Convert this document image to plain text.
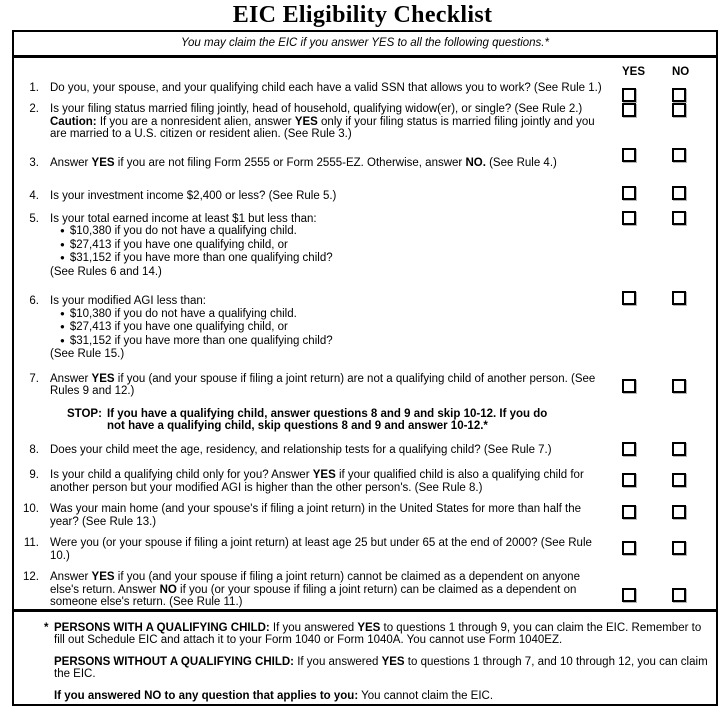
EIC Eligibility Checklist
You may claim the EIC if you answer YES to all the following questions.*
YES	NO
1. Do you, your spouse, and your qualifying child each have a valid SSN that allows you to work? (See Rule 1.)

2. Is your filing status married filing jointly, head of household, qualifying widow(er), or single? (See Rule 2.) Caution: If you are a nonresident alien, answer YES only if your filing status is married filing jointly and you are married to a U.S. citizen or resident alien. (See Rule 3.)

3. Answer YES if you are not filing Form 2555 or Form 2555-EZ. Otherwise, answer NO. (See Rule 4.)

4. Is your investment income $2,400 or less? (See Rule 5.)

5. Is your total earned income at least $1 but less than:

● $10,380 if you do not have a qualifying child.
● $27,413 if you have one qualifying child, or
● $31,152 if you have more than one qualifying child?

(See Rules 6 and 14.)

6. Is your modified AGI less than:

● $10,380 if you do not have a qualifying child.
● $27,413 if you have one qualifying child, or
● $31,152 if you have more than one qualifying child?

(See Rule 15.)

7. Answer YES if you (and your spouse if filing a joint return) are not a qualifying child of another person. (See Rules 9 and 12.)

STOP: If you have a qualifying child, answer questions 8 and 9 and skip 10-12. If you do not have a qualifying child, skip questions 8 and 9 and answer 10-12.*
8. Does your child meet the age, residency, and relationship tests for a qualifying child? (See Rule 7.)

9. Is your child a qualifying child only for you? Answer YES if your qualified child is also a qualifying child for another person but your modified AGI is higher than the other person's. (See Rule 8.)

10. Was your main home (and your spouse's if filing a joint return) in the United States for more than half the year? (See Rule 13.)

11. Were you (or your spouse if filing a joint return) at least age 25 but under 65 at the end of 2000? (See Rule 10.)

12. Answer YES if you (and your spouse if filing a joint return) cannot be claimed as a dependent on anyone else's return. Answer NO if you (or your spouse if filing a joint return) can be claimed as a dependent on someone else's return. (See Rule 11.)

* PERSONS WITH A QUALIFYING CHILD: If you answered YES to questions 1 through 9, you can claim the EIC. Remember to fill out Schedule EIC and attach it to your Form 1040 or Form 1040A. You cannot use Form 1040EZ.

PERSONS WITHOUT A QUALIFYING CHILD: If you answered YES to questions 1 through 7, and 10 through 12, you can claim the EIC.

If you answered NO to any question that applies to you: You cannot claim the EIC.
